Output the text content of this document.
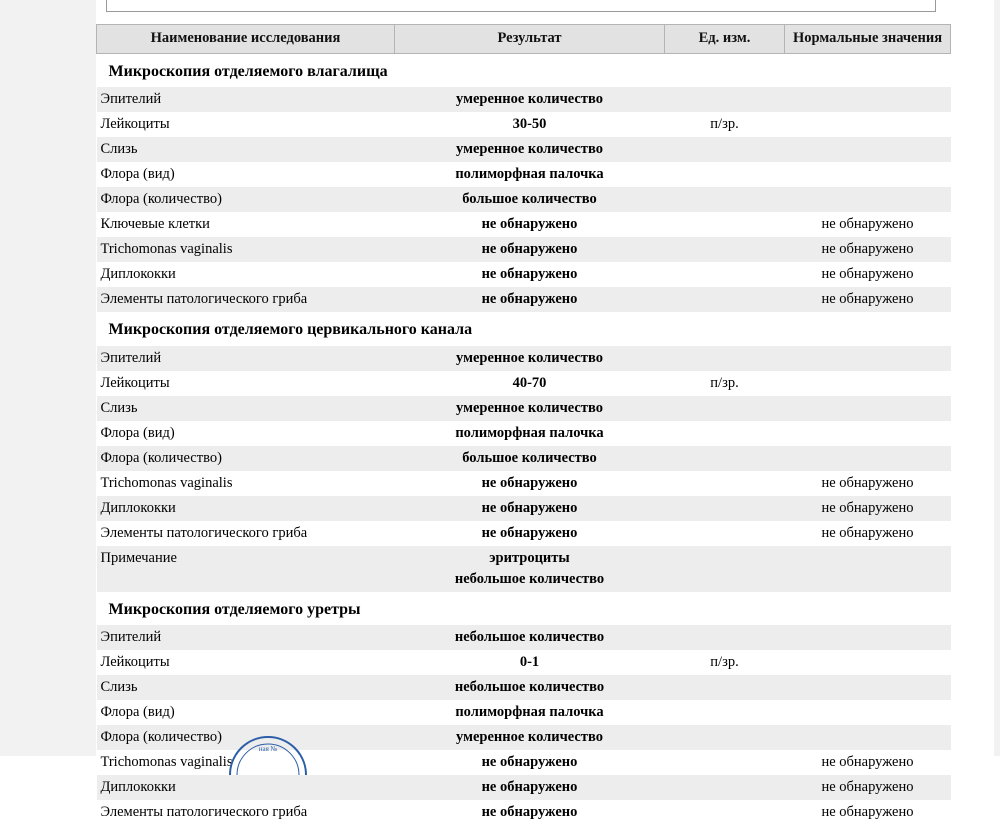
Наименование исследования	Результат	Ед. изм.	Нормальные значения
Микроскопия отделяемого влагалища			
Эпителий	умеренное количество		
Лейкоциты	30-50	п/зр.	
Слизь	умеренное количество		
Флора (вид)	полиморфная палочка		
Флора (количество)	большое количество		
Ключевые клетки	не обнаружено		не обнаружено
Trichomonas vaginalis	не обнаружено		не обнаружено
Диплококки	не обнаружено		не обнаружено
Элементы патологического гриба	не обнаружено		не обнаружено
Микроскопия отделяемого цервикального канала			
Эпителий	умеренное количество		
Лейкоциты	40-70	п/зр.	
Слизь	умеренное количество		
Флора (вид)	полиморфная палочка		
Флора (количество)	большое количество		
Trichomonas vaginalis	не обнаружено		не обнаружено
Диплококки	не обнаружено		не обнаружено
Элементы патологического гриба	не обнаружено		не обнаружено
Примечание	эритроциты небольшое количество		
Микроскопия отделяемого уретры			
Эпителий	небольшое количество		
Лейкоциты	0-1	п/зр.	
Слизь	небольшое количество		
Флора (вид)	полиморфная палочка		
Флора (количество)	умеренное количество		
Trichomonas vaginalis	не обнаружено		не обнаружено
Диплококки	не обнаружено		не обнаружено
Элементы патологического гриба	не обнаружено		не обнаружено
ная №
